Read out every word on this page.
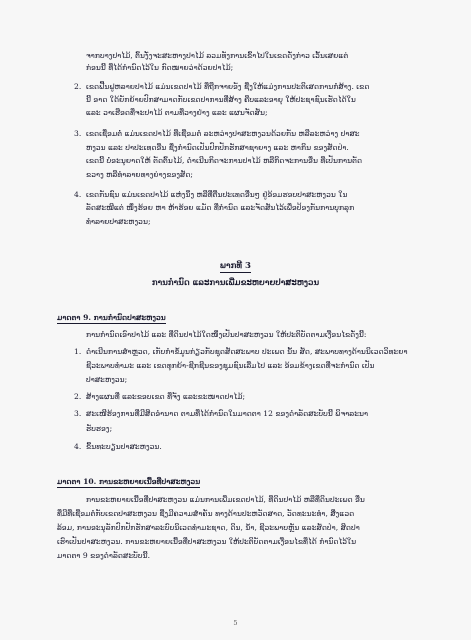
ຈາກບາງປາໄມ້, ຕົ້ນງັ່ງຈະສະຫາງປາໄມ້ ລວມທັງການເຂົ້າໄປໃນເຂດດັ່ງກ່າວ ເວັ້ນເສຍແຕ່
ກ່ອນນີ້ ທີ່ໄດ້ກຳນົດໄວ້ໃນ ກົດໝາຍວ່າດ້ວຍປາໄມ້;
2. ເຂດຟື້ນຟູຫລາຍປາໄມ້ ແມ່ນເຂດປາໄມ້ ທີ່ຖືກຈາຍອັງ ຊື່ງໃຫ້ແມ່ງການປະຕິເສດການກໍ່ສ້າງ. ເຂດ
ນີ້ ອາດ ໃດ້ຍັກຍ້າຍປົກສາມາດກັບເຂດປາການທີ່ສ້າງ ຄືບແລະອາຍຸ ໃຫ້ປະຊາຊົນເຮັດໄດ້ໃນ
ແລະ ວາເຮືອດທີ່ຈະປາໄມ້ ຕາມທີ່ວາງຢ່າງ ແລະ ແຜນຈັດສັນ;
3. ເຂດເຊື່ອມຕໍ່ ແມ່ນເຂດປາໄມ້ ທີ່ເຊື່ອມຕໍ່ ລະຫວ່າງປາສະຫງວນດ້ວຍກັນ ຫລືລະຫວ່າງ ປາສະ
ຫງວນ ແລະ ປາປະເທດອື່ນ ຊື່ງກຳນົດເປັນປົກປັກຮັກສາຊາຍາງ ແລະ ຫາກິນ ຂອງສັດປ່າ.
ເຂດນີ້ ບໍ່ອະນຸຍາດໃຫ້ ຕັດຕົ້ນໄມ້, ດຳເນີນກິດຈະການປາໄມ້ ຫລືກິດຈະການອື່ນ ທີ່ເປັນການຕັດ
ຂວາງ ຫລືທຳລາຍທາງຍ່າງຂອງສັດ;
4. ເຂດກັນຊົນ ແມ່ນເຂດປາໄມ້ ແຫ່ງນຶ່ງ ຫລືທີ່ຕື່ນປະເທດອື່ນໆ ຢູ່ອ້ອມຮອບປາສະຫງວນ ໃນ
ລັດສະໝີແຕ່ ໜຶ່ງຮ້ອຍ ຫາ ຫ້າຮ້ອຍ ແມັດ ທີ່ກຳນົດ ແລະຈັດສັນໄວ້ເພື່ອປ້ອງກັນການບຸກລຸກ
ທຳລາຍປາສະຫງວນ;
ພາກທີ 3
ການກຳນົດ ແລະການເພີ່ມຂະຫຍາຍປາສະຫງວນ
ມາດຕາ 9. ການກຳນົດປາສະຫງວນ
ການກຳນົດເອົາປາໄມ້ ແລະ ທີ່ດິນປາໄມ້ໃດໜຶ່ງເປັນປາສະຫງວນ ໃຫ້ປະຕິບັດຕາມເງື່ອນໄຂດັ່ງນີ້:
1. ດຳເນີນການສຳຫຼວດ, ເກັບກຳຂໍ້ມູນກ່ຽວກັບຊຸດສັດສະພາບ ປະເພດ ນັ້ນ ສັດ, ສະພາບທາງດ້ານນິເວດວິທະຍາ
ຊີວະພາບທຳມະ ແລະ ເຂດທຸກຍ້າ-ຊີກຊີນຂອງຊຸມຊົນເລີ່ມໄປ ແລະ ອ້ອມຂ້າງເຂດທີ່ຈະກຳນົດ ເປັນ
ປາສະຫງວນ;
2. ສ້າງແຜນທີ່ ແລະຂອບເຂດ ທີ່ຈັງ ແລະຂະໜາດປາໄມ້;
3. ສະເໜີຮ້ອງການທີ່ມີສິດອຳນາດ ຕາມທີ່ໄດ້ກຳນົດໃນມາດຕາ 12 ຂອງດຳລັດສະບັບນີ້ ພິຈາລະນາ
ຮັບຮອງ;
4. ຂຶ້ນທະບຽນປາສະຫງວນ.
ມາດຕາ 10. ການຂະຫຍາຍເນື້ອທີ່ປາສະຫງວນ
ການຂະຫຍາຍເນື້ອທີ່ປາສະຫງວນ ແມ່ນການເພີ່ມເຂດປາໄມ້, ທີ່ດິນປາໄມ້ ຫລືທີ່ດິນປະເພດ ອື່ນ
ທີ່ມີທີ່ເຊື່ອມຕໍ່ກັບເຂດປາສະຫງວນ ຊື່ງມີຄວາມສຳຄັນ ທາງດ້ານປະຫວັດສາດ, ວັດທະນະທຳ, ສິ່ງແວດ
ລ້ອມ, ການອະນຸລັກປົກປັກຮັກສາລະບົບນິເວດທຳມະຊາດ, ດິນ, ນ້ຳ, ຊີວະພາບຫຼັນ ແລະສັດປ່າ, ສິດປາ
ເຮົາເປັນປາສະຫງວນ. ການຂະຫຍາຍເນື້ອທີ່ປາສະຫງວນ ໃຫ້ປະຕິບັດຕາມເງື່ອນໄຂທີ່ໄດ້ ກຳນົດໄວ້ໃນ
ມາດຕາ 9 ຂອງດຳລັດສະບັບນີ້.
5
